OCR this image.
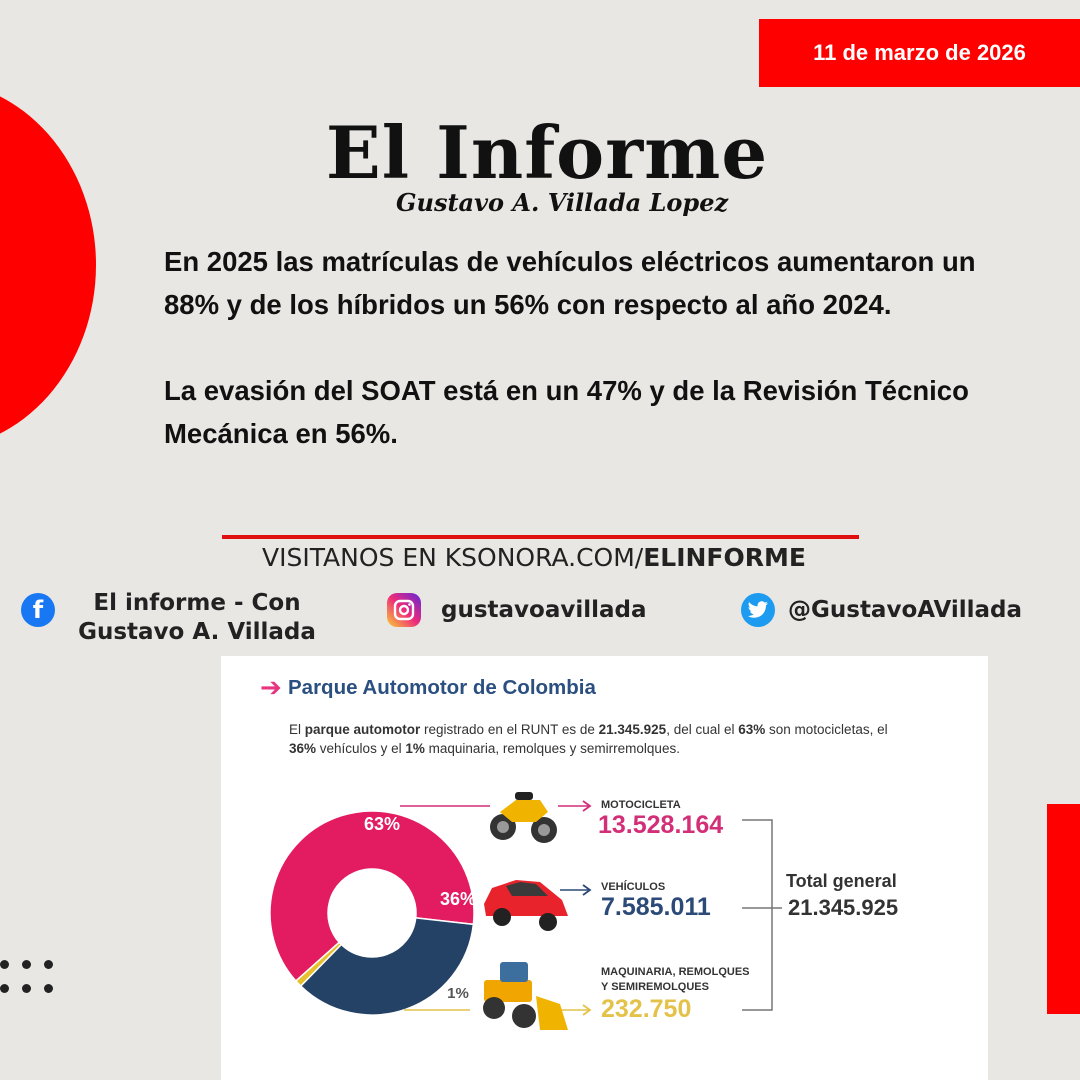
11 de marzo de 2026
El Informe
Gustavo A. Villada Lopez

En 2025 las matrículas de vehículos eléctricos aumentaron un 88% y de los híbridos un 56% con respecto al año 2024.

La evasión del SOAT está en un 47% y de la Revisión Técnico Mecánica en 56%.

VISITANOS EN KSONORA.COM/ELINFORME
f	El informe - Con Gustavo A. Villada
gustavoavillada	@GustavoAVillada
➔ Parque Automotor de Colombia
El parque automotor registrado en el RUNT es de 21.345.925, del cual el 63% son motocicletas, el 36% vehículos y el 1% maquinaria, remolques y semirremolques.
63%
36%
1%
MOTOCICLETA
13.528.164
VEHÍCULOS
7.585.011
MAQUINARIA, REMOLQUES
Y SEMIREMOLQUES
232.750
Total general
21.345.925
